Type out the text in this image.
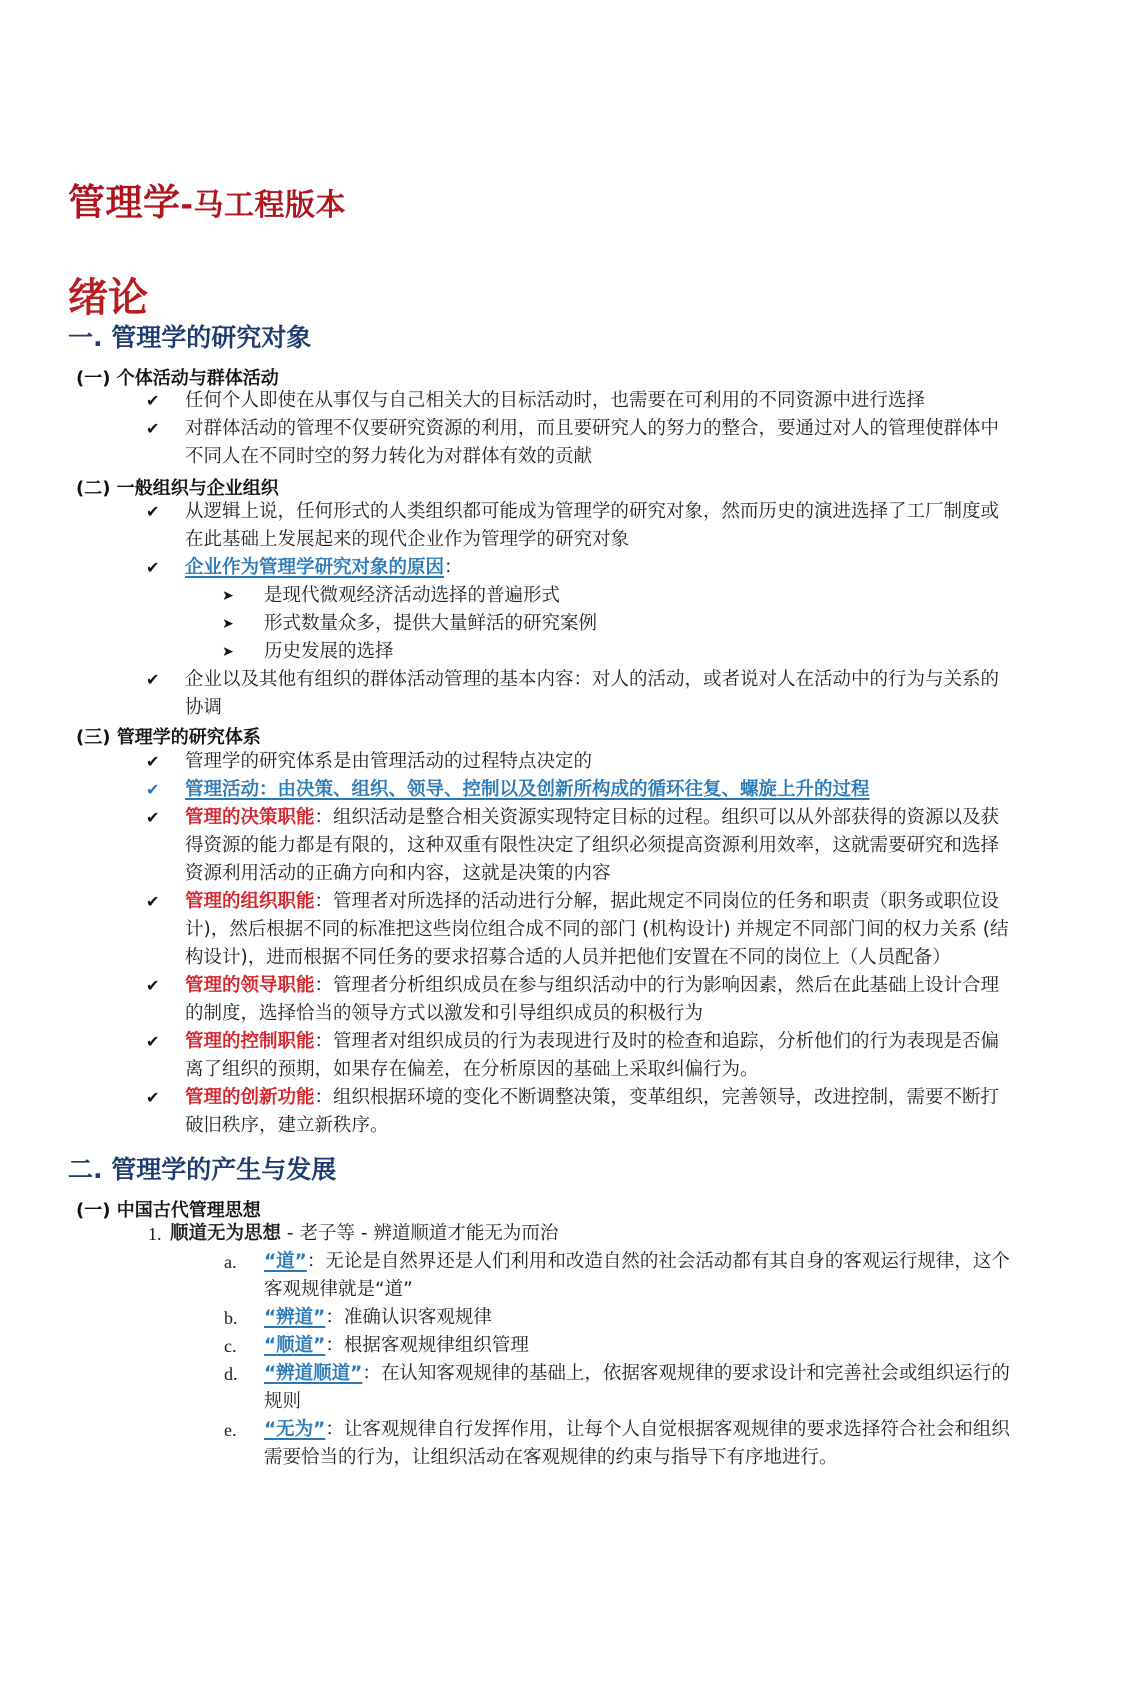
管理学-马工程版本
绪论
一. 管理学的研究对象
(一) 个体活动与群体活动
✔ 任何个人即使在从事仅与自己相关大的目标活动时，也需要在可利用的不同资源中进行选择
✔ 对群体活动的管理不仅要研究资源的利用，而且要研究人的努力的整合，要通过对人的管理使群体中
不同人在不同时空的努力转化为对群体有效的贡献
(二) 一般组织与企业组织
✔ 从逻辑上说，任何形式的人类组织都可能成为管理学的研究对象，然而历史的演进选择了工厂制度或
在此基础上发展起来的现代企业作为管理学的研究对象
✔ 企业作为管理学研究对象的原因：
➤ 是现代微观经济活动选择的普遍形式
➤ 形式数量众多，提供大量鲜活的研究案例
➤ 历史发展的选择
✔ 企业以及其他有组织的群体活动管理的基本内容：对人的活动，或者说对人在活动中的行为与关系的
协调
(三) 管理学的研究体系
✔ 管理学的研究体系是由管理活动的过程特点决定的
✔ 管理活动：由决策、组织、领导、控制以及创新所构成的循环往复、螺旋上升的过程
✔ 管理的决策职能：组织活动是整合相关资源实现特定目标的过程。组织可以从外部获得的资源以及获
得资源的能力都是有限的，这种双重有限性决定了组织必须提高资源利用效率，这就需要研究和选择
资源利用活动的正确方向和内容，这就是决策的内容
✔ 管理的组织职能：管理者对所选择的活动进行分解，据此规定不同岗位的任务和职责（职务或职位设
计)，然后根据不同的标准把这些岗位组合成不同的部门 (机构设计) 并规定不同部门间的权力关系 (结
构设计)，进而根据不同任务的要求招募合适的人员并把他们安置在不同的岗位上（人员配备）
✔ 管理的领导职能：管理者分析组织成员在参与组织活动中的行为影响因素，然后在此基础上设计合理
的制度，选择恰当的领导方式以激发和引导组织成员的积极行为
✔ 管理的控制职能：管理者对组织成员的行为表现进行及时的检查和追踪，分析他们的行为表现是否偏
离了组织的预期，如果存在偏差，在分析原因的基础上采取纠偏行为。
✔ 管理的创新功能：组织根据环境的变化不断调整决策，变革组织，完善领导，改进控制，需要不断打
破旧秩序，建立新秩序。
二. 管理学的产生与发展
(一) 中国古代管理思想
1. 顺道无为思想 - 老子等 - 辨道顺道才能无为而治
a. “道”：无论是自然界还是人们利用和改造自然的社会活动都有其自身的客观运行规律，这个
客观规律就是“道”
b. “辨道”：准确认识客观规律
c. “顺道”：根据客观规律组织管理
d. “辨道顺道”：在认知客观规律的基础上，依据客观规律的要求设计和完善社会或组织运行的
规则
e. “无为”：让客观规律自行发挥作用，让每个人自觉根据客观规律的要求选择符合社会和组织
需要恰当的行为，让组织活动在客观规律的约束与指导下有序地进行。
